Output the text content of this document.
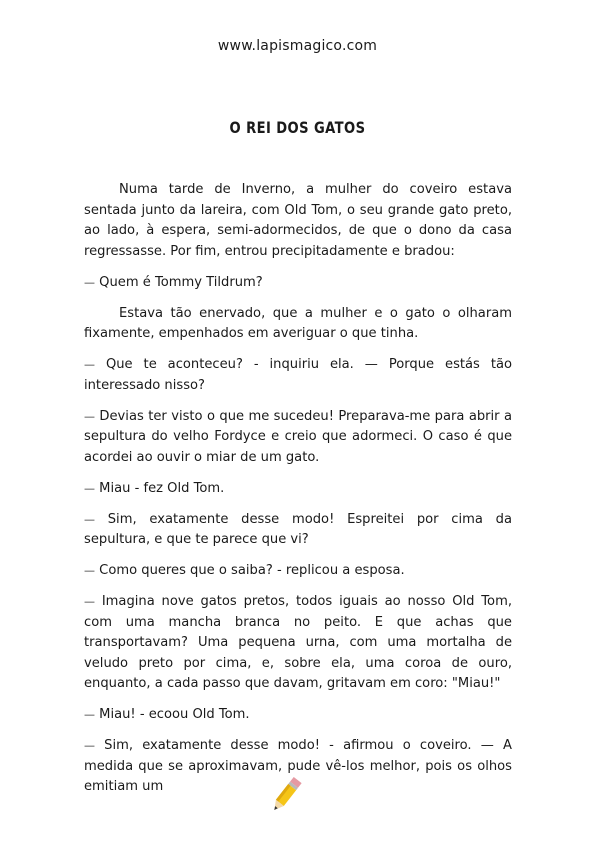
www.lapismagico.com
O REI DOS GATOS

Numa tarde de Inverno, a mulher do coveiro estava sentada junto da lareira, com Old Tom, o seu grande gato preto, ao lado, à espera, semi-adormecidos, de que o dono da casa regressasse. Por fim, entrou precipitadamente e bradou:

— Quem é Tommy Tildrum?

Estava tão enervado, que a mulher e o gato o olharam fixamente, empenhados em averiguar o que tinha.

— Que te aconteceu? - inquiriu ela. — Porque estás tão interessado nisso?

— Devias ter visto o que me sucedeu! Preparava-me para abrir a sepultura do velho Fordyce e creio que adormeci. O caso é que acordei ao ouvir o miar de um gato.

— Miau - fez Old Tom.

— Sim, exatamente desse modo! Espreitei por cima da sepultura, e que te parece que vi?

— Como queres que o saiba? - replicou a esposa.

— Imagina nove gatos pretos, todos iguais ao nosso Old Tom, com uma mancha branca no peito. E que achas que transportavam? Uma pequena urna, com uma mortalha de veludo preto por cima, e, sobre ela, uma coroa de ouro, enquanto, a cada passo que davam, gritavam em coro: "Miau!"

— Miau! - ecoou Old Tom.

— Sim, exatamente desse modo! - afirmou o coveiro. — A medida que se aproximavam, pude vê-los melhor, pois os olhos emitiam um
